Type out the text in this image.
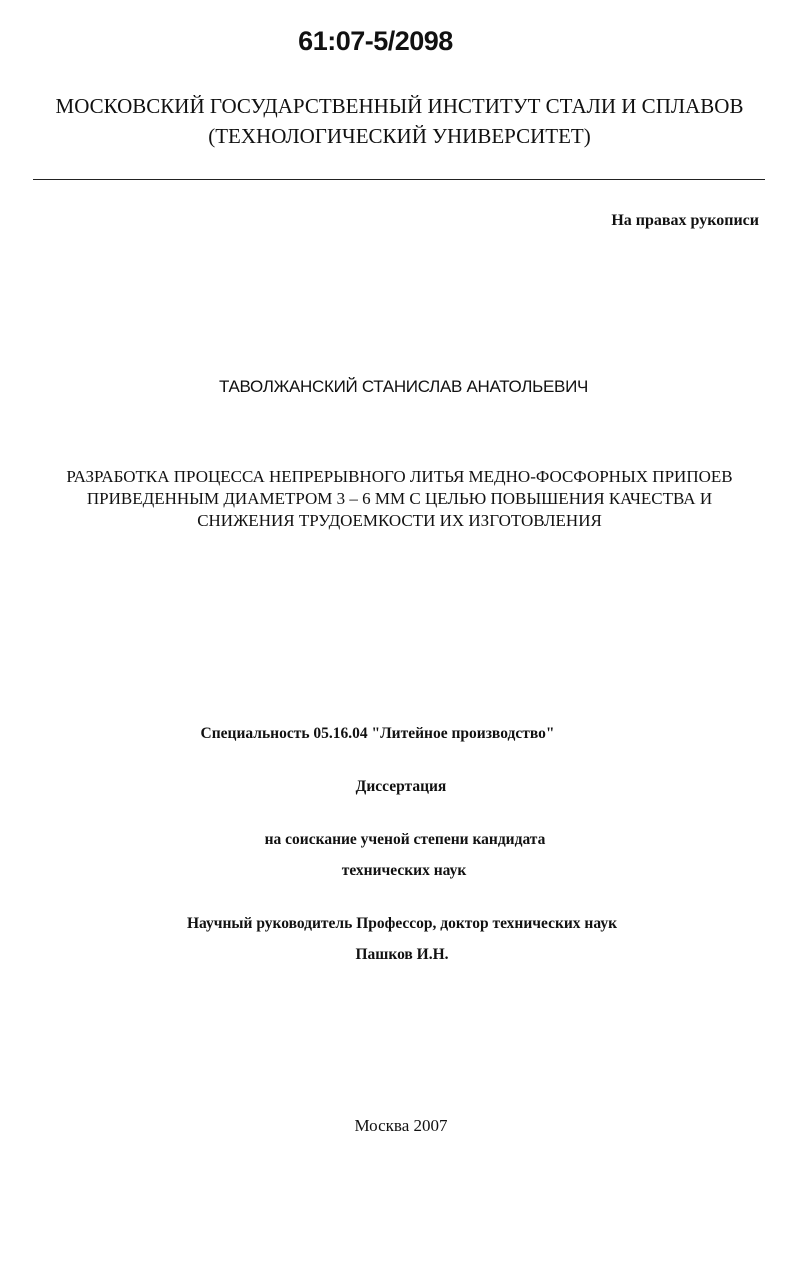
61:07-5/2098
МОСКОВСКИЙ ГОСУДАРСТВЕННЫЙ ИНСТИТУТ СТАЛИ И СПЛАВОВ
(ТЕХНОЛОГИЧЕСКИЙ УНИВЕРСИТЕТ)
На правах рукописи
ТАВОЛЖАНСКИЙ СТАНИСЛАВ АНАТОЛЬЕВИЧ
РАЗРАБОТКА ПРОЦЕССА НЕПРЕРЫВНОГО ЛИТЬЯ МЕДНО-ФОСФОРНЫХ ПРИПОЕВ
ПРИВЕДЕННЫМ ДИАМЕТРОМ 3 – 6 ММ С ЦЕЛЬЮ ПОВЫШЕНИЯ КАЧЕСТВА И
СНИЖЕНИЯ ТРУДОЕМКОСТИ ИХ ИЗГОТОВЛЕНИЯ
Специальность 05.16.04 "Литейное производство"
Диссертация
на соискание ученой степени кандидата
технических наук
Научный руководитель Профессор, доктор технических наук
Пашков И.Н.
Москва 2007
